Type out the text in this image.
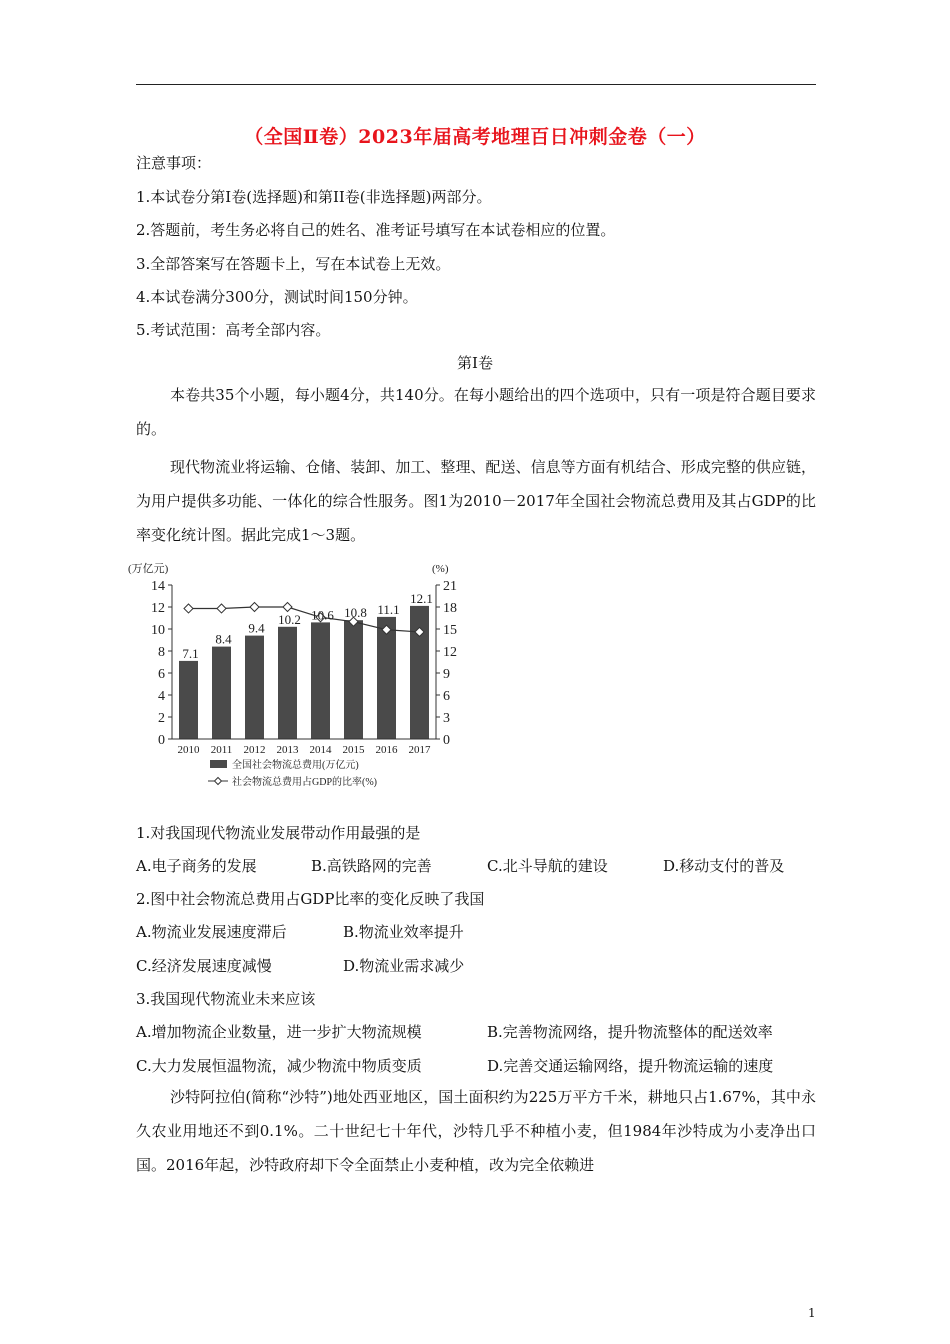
（全国Ⅱ卷）2023年届高考地理百日冲刺金卷（一）
注意事项：
1.本试卷分第Ⅰ卷(选择题)和第II卷(非选择题)两部分。
2.答题前，考生务必将自己的姓名、准考证号填写在本试卷相应的位置。
3.全部答案写在答题卡上，写在本试卷上无效。
4.本试卷满分300分，测试时间150分钟。
5.考试范围：高考全部内容。
第Ⅰ卷
本卷共35个小题，每小题4分，共140分。在每小题给出的四个选项中，只有一项是符合题目要求的。
现代物流业将运输、仓储、装卸、加工、整理、配送、信息等方面有机结合、形成完整的供应链，为用户提供多功能、一体化的综合性服务。图1为2010－2017年全国社会物流总费用及其占GDP的比率变化统计图。据此完成1～3题。
0
2
4
6
8
10
12
14
0
3
6
9
12
15
18
21
(万亿元)	(%)
2010 2011 2012 2013 2014 2015 2016 2017
7.1
8.4
9.4
10.2 10.6 10.8 11.1
12.1
全国社会物流总费用(万亿元)
社会物流总费用占GDP的比率(%)
1.对我国现代物流业发展带动作用最强的是
A.电子商务的发展	B.高铁路网的完善	C.北斗导航的建设	D.移动支付的普及
2.图中社会物流总费用占GDP比率的变化反映了我国
A.物流业发展速度滞后	B.物流业效率提升
C.经济发展速度减慢	D.物流业需求减少
3.我国现代物流业未来应该
A.增加物流企业数量，进一步扩大物流规模	B.完善物流网络，提升物流整体的配送效率
C.大力发展恒温物流，减少物流中物质变质	D.完善交通运输网络，提升物流运输的速度
沙特阿拉伯(简称“沙特”)地处西亚地区，国土面积约为225万平方千米，耕地只占1.67%，其中永久农业用地还不到0.1%。二十世纪七十年代，沙特几乎不种植小麦，但1984年沙特成为小麦净出口国。2016年起，沙特政府却下令全面禁止小麦种植，改为完全依赖进
1
